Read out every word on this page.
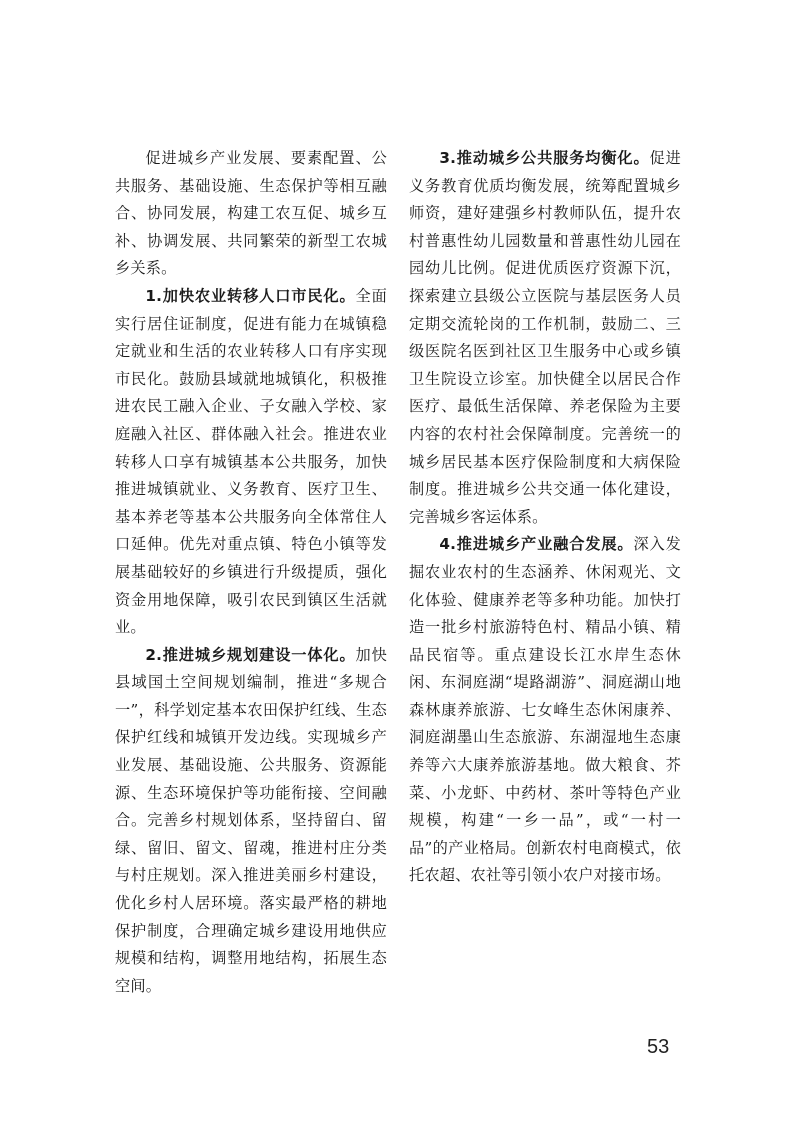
促进城乡产业发展、要素配置、公共服务、基础设施、生态保护等相互融合、协同发展，构建工农互促、城乡互补、协调发展、共同繁荣的新型工农城乡关系。

1.加快农业转移人口市民化。全面实行居住证制度，促进有能力在城镇稳定就业和生活的农业转移人口有序实现市民化。鼓励县域就地城镇化，积极推进农民工融入企业、子女融入学校、家庭融入社区、群体融入社会。推进农业转移人口享有城镇基本公共服务，加快推进城镇就业、义务教育、医疗卫生、基本养老等基本公共服务向全体常住人口延伸。优先对重点镇、特色小镇等发展基础较好的乡镇进行升级提质，强化资金用地保障，吸引农民到镇区生活就业。

2.推进城乡规划建设一体化。加快县域国土空间规划编制，推进“多规合一”，科学划定基本农田保护红线、生态保护红线和城镇开发边线。实现城乡产业发展、基础设施、公共服务、资源能源、生态环境保护等功能衔接、空间融合。完善乡村规划体系，坚持留白、留绿、留旧、留文、留魂，推进村庄分类与村庄规划。深入推进美丽乡村建设，优化乡村人居环境。落实最严格的耕地保护制度，合理确定城乡建设用地供应规模和结构，调整用地结构，拓展生态空间。

3.推动城乡公共服务均衡化。促进义务教育优质均衡发展，统筹配置城乡师资，建好建强乡村教师队伍，提升农村普惠性幼儿园数量和普惠性幼儿园在园幼儿比例。促进优质医疗资源下沉，探索建立县级公立医院与基层医务人员定期交流轮岗的工作机制，鼓励二、三级医院名医到社区卫生服务中心或乡镇卫生院设立诊室。加快健全以居民合作医疗、最低生活保障、养老保险为主要内容的农村社会保障制度。完善统一的城乡居民基本医疗保险制度和大病保险制度。推进城乡公共交通一体化建设，完善城乡客运体系。

4.推进城乡产业融合发展。深入发掘农业农村的生态涵养、休闲观光、文化体验、健康养老等多种功能。加快打造一批乡村旅游特色村、精品小镇、精品民宿等。重点建设长江水岸生态休闲、东洞庭湖“堤路湖游”、洞庭湖山地森林康养旅游、七女峰生态休闲康养、洞庭湖墨山生态旅游、东湖湿地生态康养等六大康养旅游基地。做大粮食、芥菜、小龙虾、中药材、茶叶等特色产业规模，构建“一乡一品”，或“一村一品”的产业格局。创新农村电商模式，依托农超、农社等引领小农户对接市场。

53
